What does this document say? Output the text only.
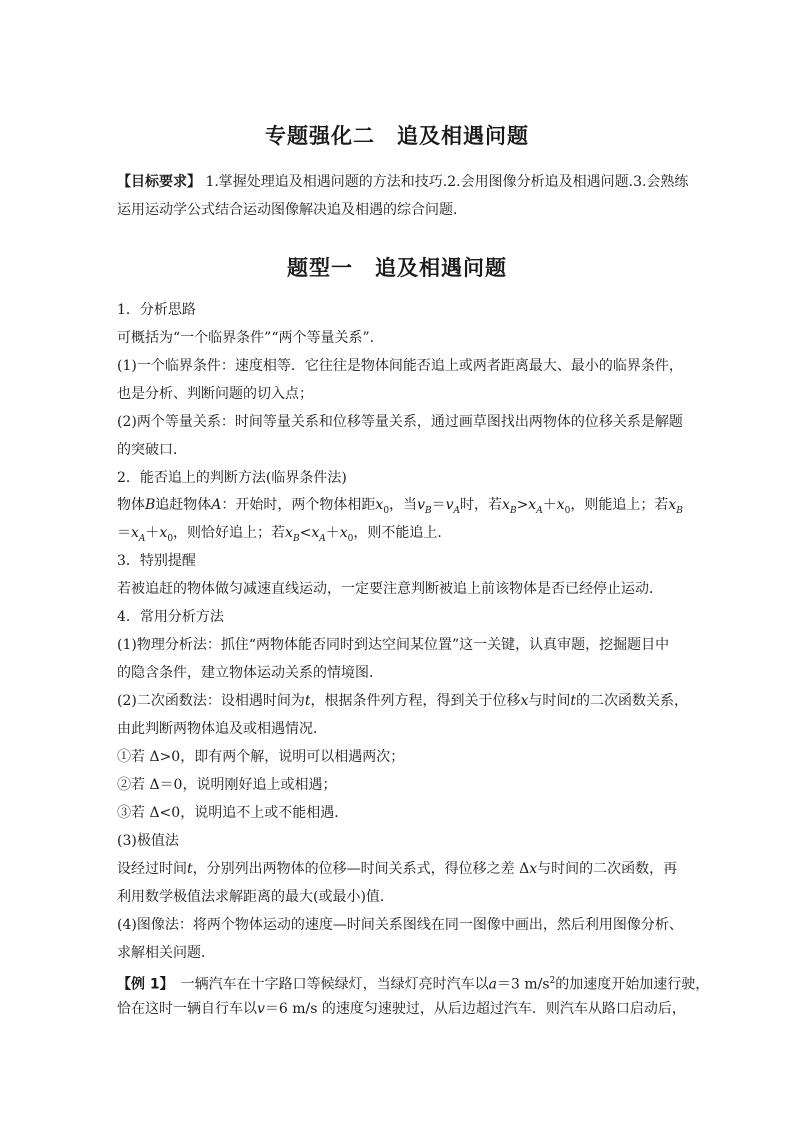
专题强化二　追及相遇问题
【目标要求】 1.掌握处理追及相遇问题的方法和技巧.2.会用图像分析追及相遇问题.3.会熟练
运用运动学公式结合运动图像解决追及相遇的综合问题.
题型一　追及相遇问题
1．分析思路
可概括为“一个临界条件”“两个等量关系”.
(1)一个临界条件：速度相等．它往往是物体间能否追上或两者距离最大、最小的临界条件，
也是分析、判断问题的切入点；
(2)两个等量关系：时间等量关系和位移等量关系，通过画草图找出两物体的位移关系是解题
的突破口．
2．能否追上的判断方法(临界条件法)
物体B追赶物体A：开始时，两个物体相距$x_0$，当$v_B=v_A$时，若$x_B>x_A+x_0$，则能追上；若$x_B$
$=x_A+x_0$，则恰好追上；若$x_B<x_A+x_0$，则不能追上．
3．特别提醒
若被追赶的物体做匀减速直线运动，一定要注意判断被追上前该物体是否已经停止运动．
4．常用分析方法
(1)物理分析法：抓住“两物体能否同时到达空间某位置”这一关键，认真审题，挖掘题目中
的隐含条件，建立物体运动关系的情境图．
(2)二次函数法：设相遇时间为t，根据条件列方程，得到关于位移x与时间t的二次函数关系，
由此判断两物体追及或相遇情况．
①若 Δ>0，即有两个解，说明可以相遇两次；
②若 Δ＝0，说明刚好追上或相遇；
③若 Δ<0，说明追不上或不能相遇．
(3)极值法
设经过时间t，分别列出两物体的位移—时间关系式，得位移之差 Δx与时间的二次函数，再
利用数学极值法求解距离的最大(或最小)值．
(4)图像法：将两个物体运动的速度—时间关系图线在同一图像中画出，然后利用图像分析、
求解相关问题．
【例 1】　 一辆汽车在十字路口等候绿灯，当绿灯亮时汽车以a＝3 $m/s^2$的加速度开始加速行驶，
恰在这时一辆自行车以v＝6 m/s 的速度匀速驶过，从后边超过汽车．则汽车从路口启动后，
